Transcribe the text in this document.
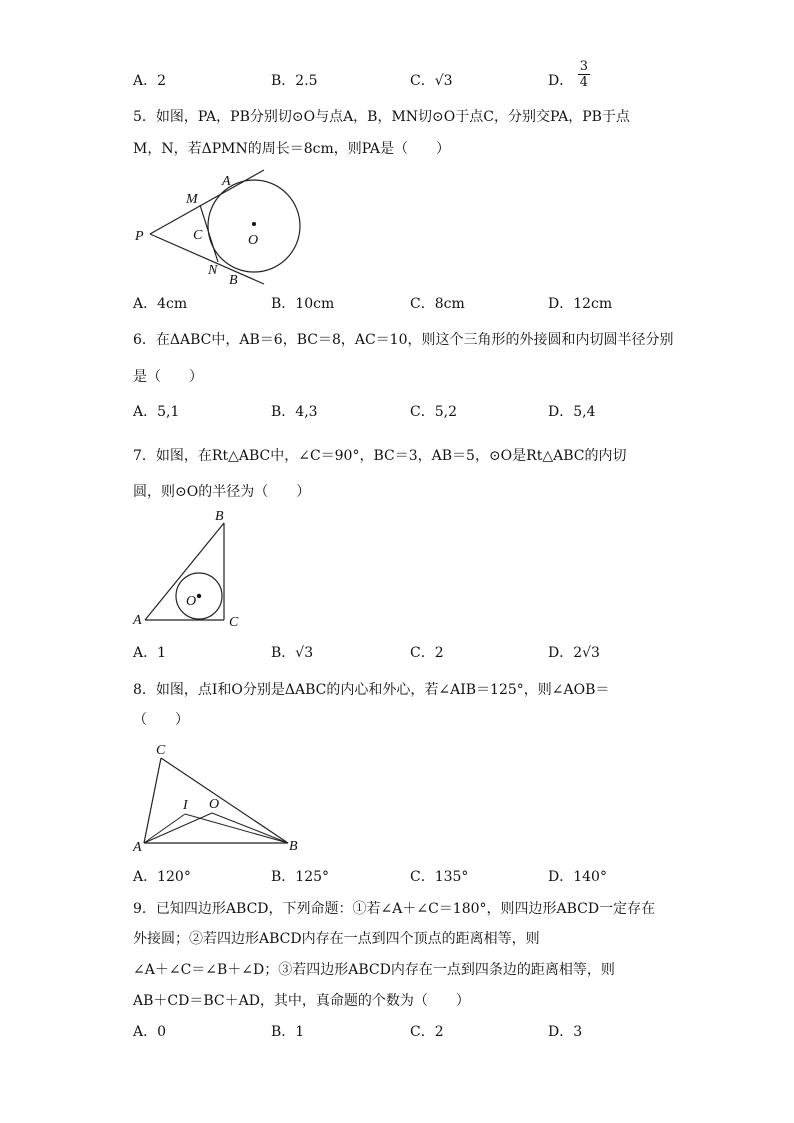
A．2	B．2.5	C．√3	D． $\frac{3}{4}$
5．如图，PA，PB分别切⊙O与点A，B，MN切⊙O于点C，分别交PA，PB于点
M，N，若ΔPMN的周长＝8cm，则PA是（　　）
P
M
A
C	O
N
B
A．4cm	B．10cm	C．8cm	D．12cm
6．在ΔABC中，AB＝6，BC＝8，AC＝10，则这个三角形的外接圆和内切圆半径分别
是（　　）
A．5,1	B．4,3	C．5,2	D．5,4
7．如图，在Rt△ABC中，∠C＝90°，BC＝3，AB＝5，⊙O是Rt△ABC的内切
圆，则⊙O的半径为（　　）
A
B
C
O
A．1	B．√3	C．2	D．2√3
8．如图，点I和O分别是ΔABC的内心和外心，若∠AIB＝125°，则∠AOB＝
（　　）
A	B
C
I O
A．120°	B．125°	C．135°	D．140°
9．已知四边形ABCD，下列命题：①若∠A＋∠C＝180°，则四边形ABCD一定存在
外接圆；②若四边形ABCD内存在一点到四个顶点的距离相等，则
∠A＋∠C＝∠B＋∠D；③若四边形ABCD内存在一点到四条边的距离相等，则
AB＋CD＝BC＋AD，其中，真命题的个数为（　　）
A．0	B．1	C．2	D．3
